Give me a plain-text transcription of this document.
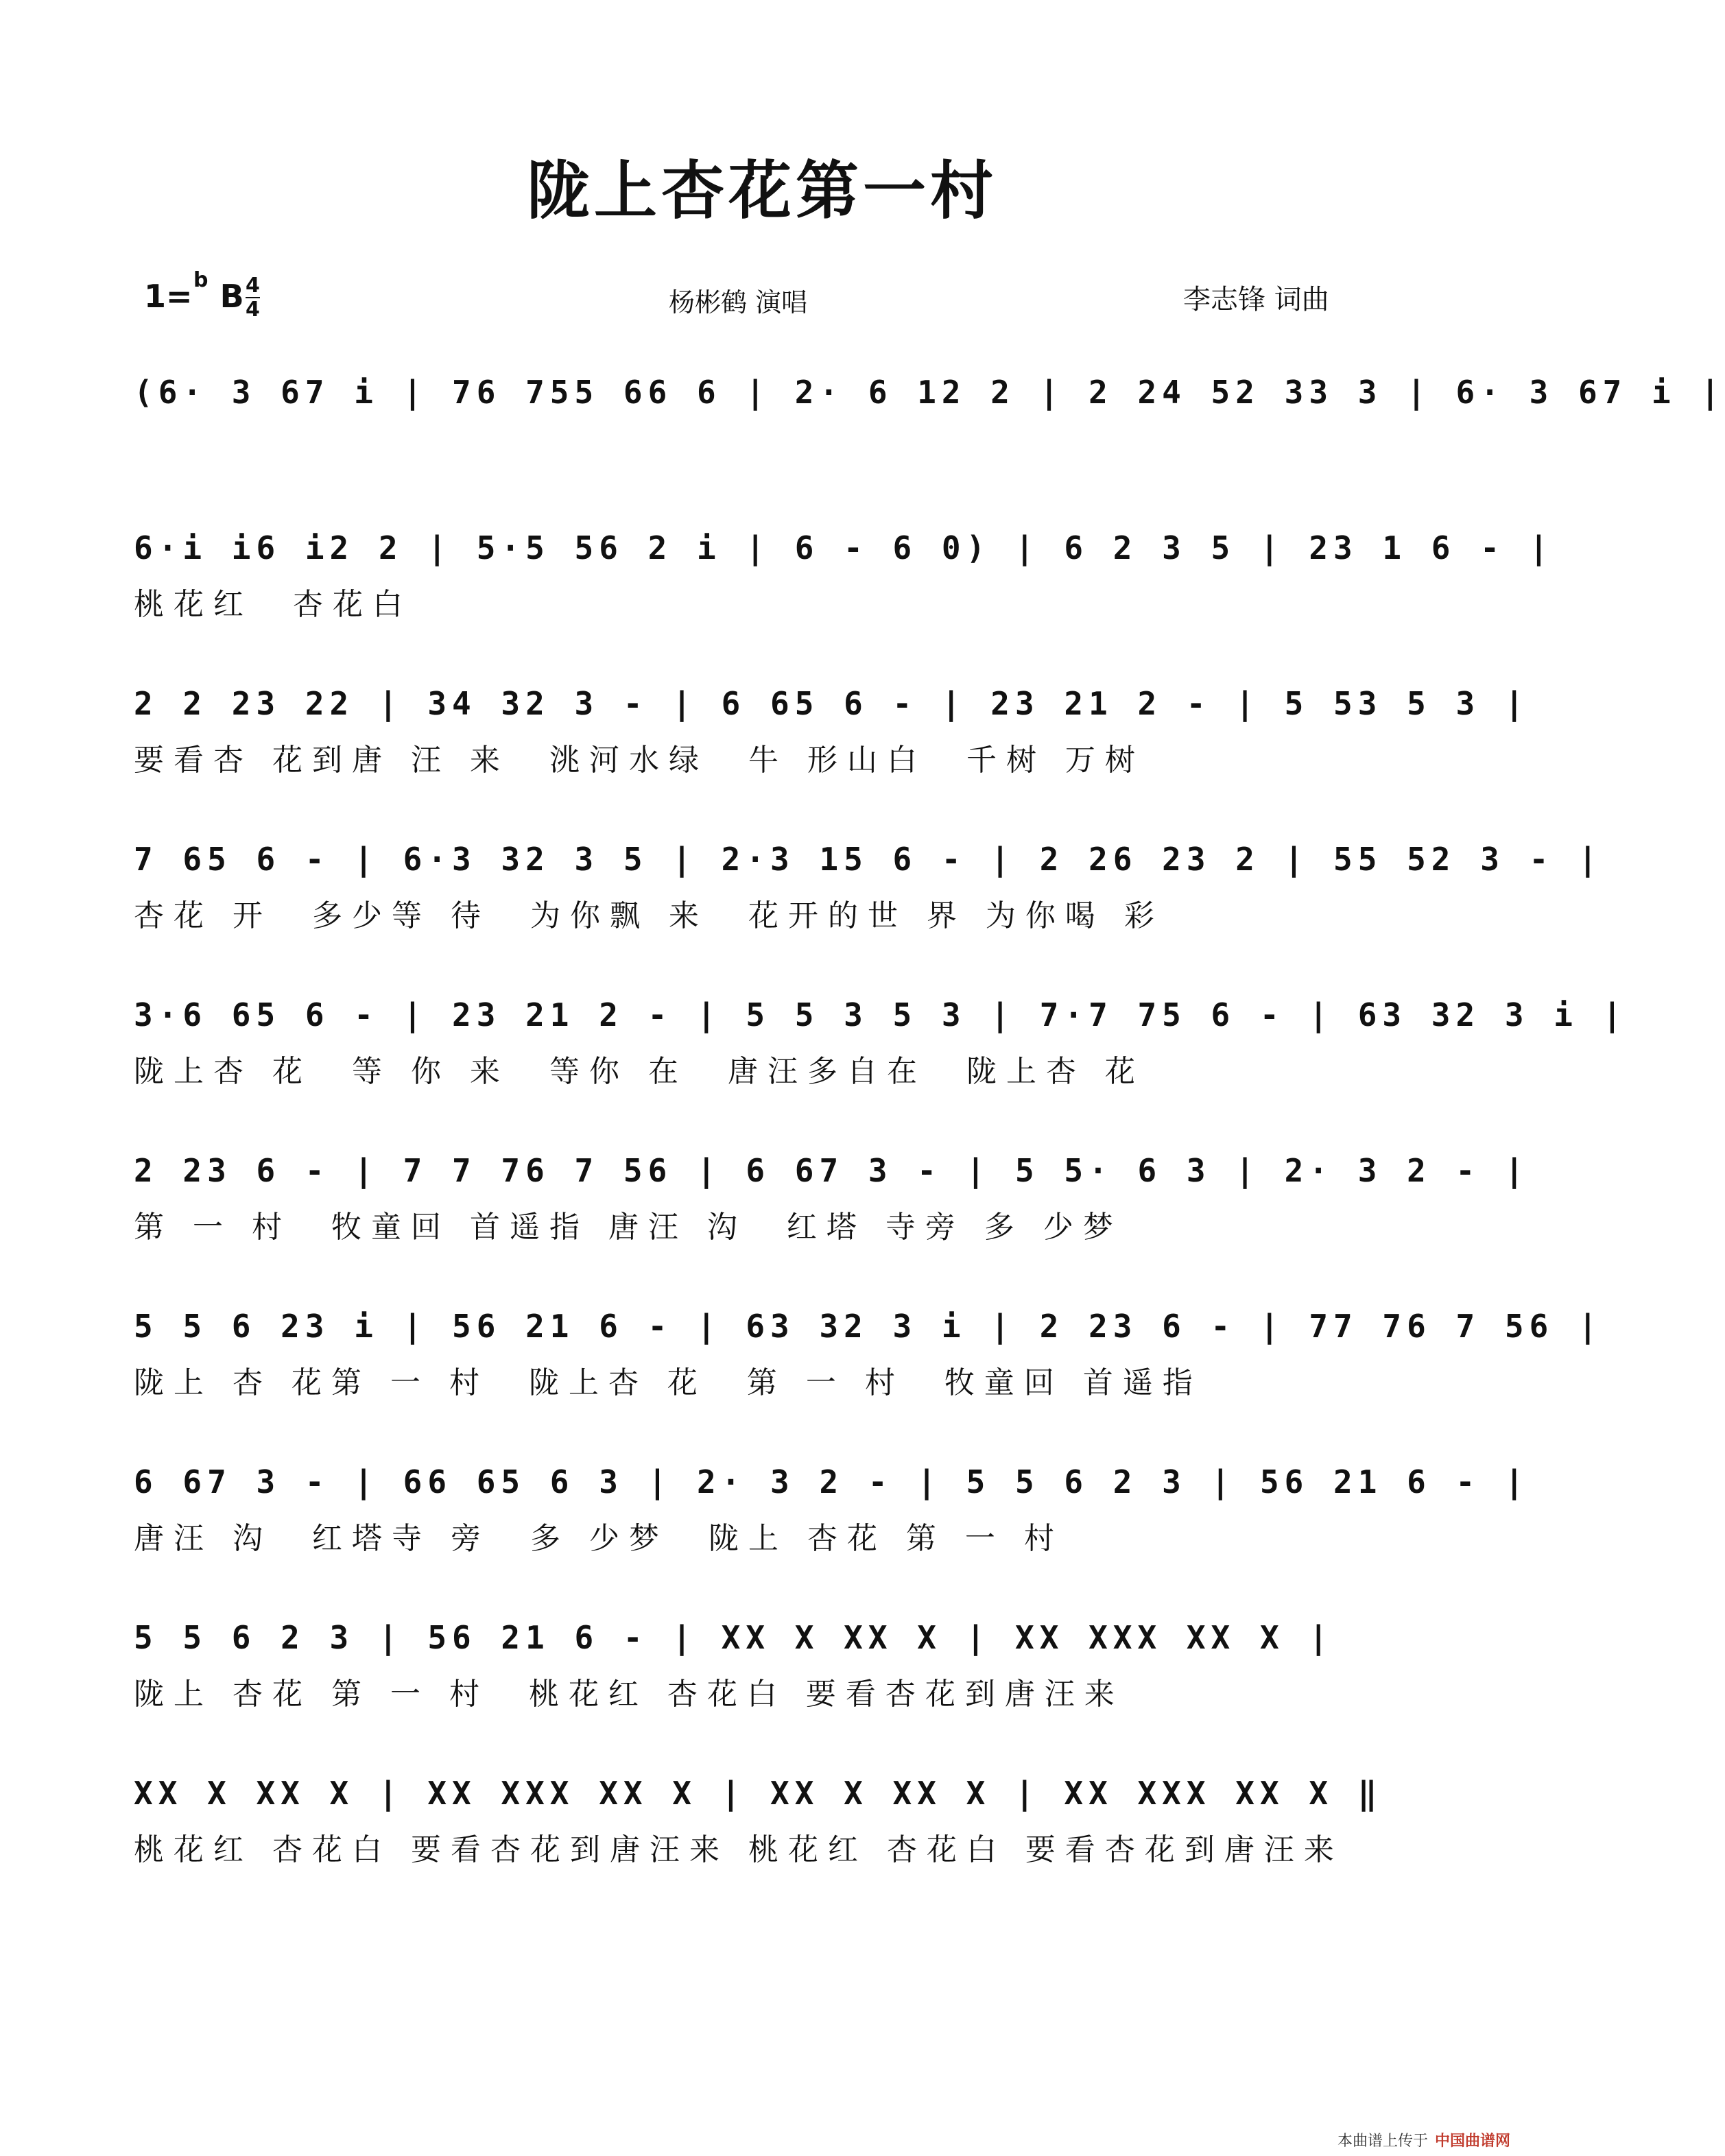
陇上杏花第一村
1= b B 4
4	杨彬鹤 演唱	李志锋 词曲
(6· 3 67 i | 76 755 66 6 | 2· 6 12 2 | 2 24 52 33 3 | 6· 3 67 i |
6·i i6 i2 2 | 5·5 56 2 i | 6 - 6 0) | 6 2 3 5 | 23 1 6 - |
桃花红　杏花白
2 2 23 22 | 34 32 3 - | 6 65 6 - | 23 21 2 - | 5 53 5 3 |
要看杏 花到唐 汪 来　洮河水绿　牛 形山白　千树 万树
7 65 6 - | 6·3 32 3 5 | 2·3 15 6 - | 2 26 23 2 | 55 52 3 - |
杏花 开　多少等 待　为你飘 来　花开的世 界 为你喝 彩
3·6 65 6 - | 23 21 2 - | 5 5 3 5 3 | 7·7 75 6 - | 63 32 3 i |
陇上杏 花　等 你 来　等你 在　唐汪多自在　陇上杏 花
2 23 6 - | 7 7 76 7 56 | 6 67 3 - | 5 5· 6 3 | 2· 3 2 - |
第 一 村　牧童回 首遥指 唐汪 沟　红塔 寺旁 多 少梦
5 5 6 23 i | 56 21 6 - | 63 32 3 i | 2 23 6 - | 77 76 7 56 |
陇上 杏 花第 一 村　陇上杏 花　第 一 村　牧童回 首遥指
6 67 3 - | 66 65 6 3 | 2· 3 2 - | 5 5 6 2 3 | 56 21 6 - |
唐汪 沟　红塔寺 旁　多 少梦　陇上 杏花 第 一 村
5 5 6 2 3 | 56 21 6 - | XX X XX X | XX XXX XX X |
陇上 杏花 第 一 村　桃花红 杏花白 要看杏花到唐汪来
XX X XX X | XX XXX XX X | XX X XX X | XX XXX XX X ‖
桃花红 杏花白 要看杏花到唐汪来 桃花红 杏花白 要看杏花到唐汪来
本曲谱上传于 中国曲谱网
